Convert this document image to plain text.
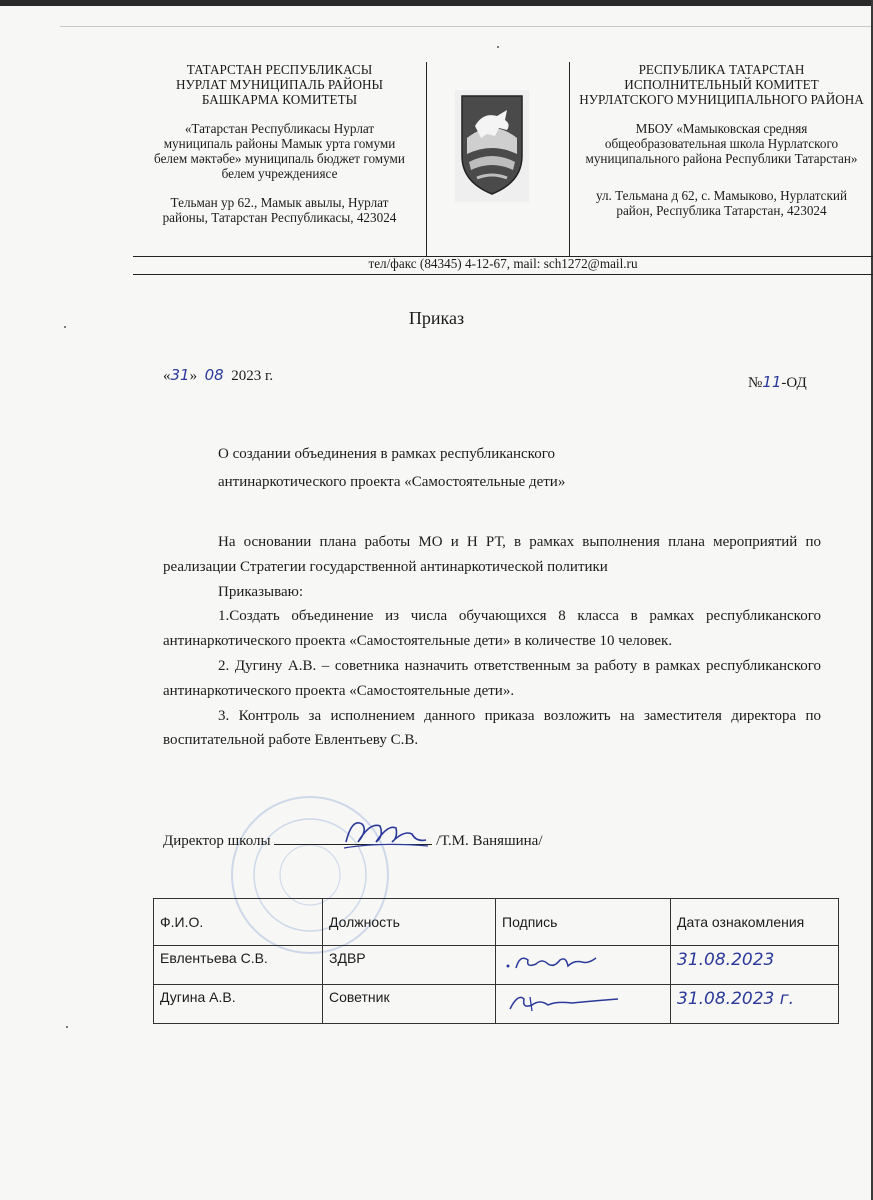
ТАТАРСТАН РЕСПУБЛИКАСЫ
НУРЛАТ МУНИЦИПАЛЬ РАЙОНЫ
БАШКАРМА КОМИТЕТЫ
«Татарстан Республикасы Нурлат
муниципаль районы Мамык урта гомуми
белем мәктәбе» муниципаль бюджет гомуми
белем учреждениясе
Тельман ур 62., Мамык авылы, Нурлат
районы, Татарстан Республикасы, 423024
РЕСПУБЛИКА ТАТАРСТАН
ИСПОЛНИТЕЛЬНЫЙ КОМИТЕТ
НУРЛАТСКОГО МУНИЦИПАЛЬНОГО РАЙОНА
МБОУ «Мамыковская средняя
общеобразовательная школа Нурлатского
муниципального района Республики Татарстан»
ул. Тельмана д 62, с. Мамыково, Нурлатский
район, Республика Татарстан, 423024
тел/факс (84345) 4-12-67, mail: sch1272@mail.ru
Приказ
«31» 08 2023 г.	№11-ОД
О создании объединения в рамках республиканского
антинаркотического проекта «Самостоятельные дети»

На основании плана работы МО и Н РТ, в рамках выполнения плана мероприятий по реализации Стратегии государственной антинаркотической политики

Приказываю:

1.Создать объединение из числа обучающихся 8 класса в рамках республиканского антинаркотического проекта «Самостоятельные дети» в количестве 10 человек.

2. Дугину А.В. – советника назначить ответственным за работу в рамках республиканского антинаркотического проекта «Самостоятельные дети».

3. Контроль за исполнением данного приказа возложить на заместителя директора по воспитательной работе Евлентьеву С.В.

Директор школы	/Т.М. Ваняшина/
Ф.И.О.	Должность	Подпись	Дата ознакомления
Евлентьева С.В.	ЗДВР		31.08.2023
Дугина А.В.	Советник		31.08.2023 г.
